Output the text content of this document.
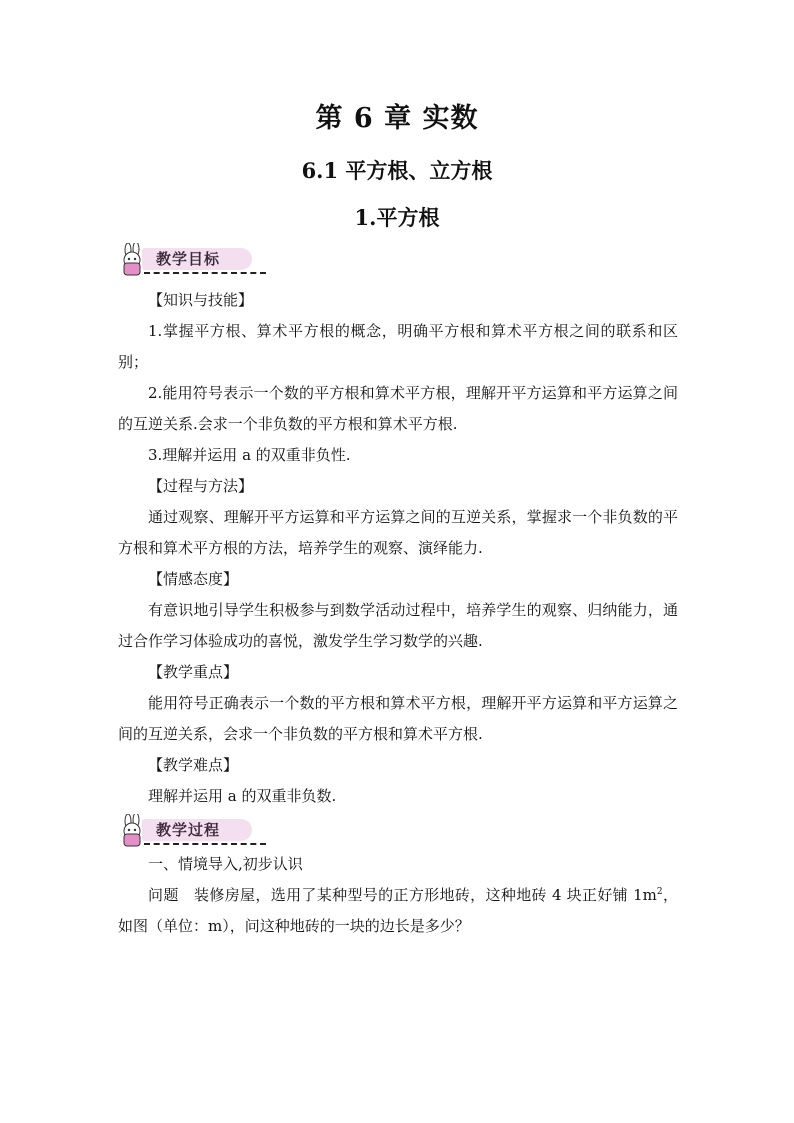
第 6 章 实数
6.1 平方根、立方根
1.平方根
教学目标

【知识与技能】

1.掌握平方根、算术平方根的概念，明确平方根和算术平方根之间的联系和区别；

2.能用符号表示一个数的平方根和算术平方根，理解开平方运算和平方运算之间的互逆关系.会求一个非负数的平方根和算术平方根.

3.理解并运用 a 的双重非负性.

【过程与方法】

通过观察、理解开平方运算和平方运算之间的互逆关系，掌握求一个非负数的平方根和算术平方根的方法，培养学生的观察、演绎能力.

【情感态度】

有意识地引导学生积极参与到数学活动过程中，培养学生的观察、归纳能力，通过合作学习体验成功的喜悦，激发学生学习数学的兴趣.

【教学重点】

能用符号正确表示一个数的平方根和算术平方根，理解开平方运算和平方运算之间的互逆关系，会求一个非负数的平方根和算术平方根.

【教学难点】

理解并运用 a 的双重非负数.

教学过程

一、情境导入,初步认识

问题　装修房屋，选用了某种型号的正方形地砖，这种地砖 4 块正好铺 $1m^2$，如图（单位：m），问这种地砖的一块的边长是多少？
